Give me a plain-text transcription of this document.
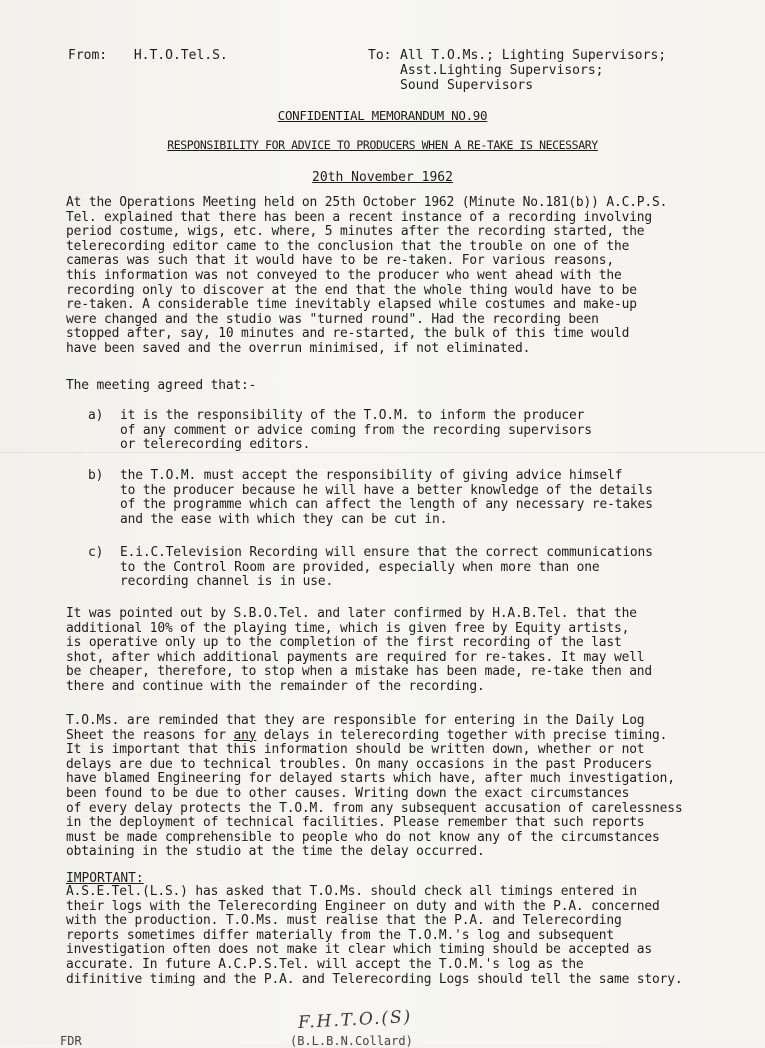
From: H.T.O.Tel.S.	To: All T.O.Ms.; Lighting Supervisors;
Asst.Lighting Supervisors;
Sound Supervisors
CONFIDENTIAL MEMORANDUM NO.90
RESPONSIBILITY FOR ADVICE TO PRODUCERS WHEN A RE-TAKE IS NECESSARY
20th November 1962
At the Operations Meeting held on 25th October 1962 (Minute No.181(b)) A.C.P.S.
Tel. explained that there has been a recent instance of a recording involving
period costume, wigs, etc. where, 5 minutes after the recording started, the
telerecording editor came to the conclusion that the trouble on one of the
cameras was such that it would have to be re-taken. For various reasons,
this information was not conveyed to the producer who went ahead with the
recording only to discover at the end that the whole thing would have to be
re-taken. A considerable time inevitably elapsed while costumes and make-up
were changed and the studio was "turned round". Had the recording been
stopped after, say, 10 minutes and re-started, the bulk of this time would
have been saved and the overrun minimised, if not eliminated.
The meeting agreed that:-
a) it is the responsibility of the T.O.M. to inform the producer
of any comment or advice coming from the recording supervisors
or telerecording editors.
b) the T.O.M. must accept the responsibility of giving advice himself
to the producer because he will have a better knowledge of the details
of the programme which can affect the length of any necessary re-takes
and the ease with which they can be cut in.
c) E.i.C.Television Recording will ensure that the correct communications
to the Control Room are provided, especially when more than one
recording channel is in use.
It was pointed out by S.B.O.Tel. and later confirmed by H.A.B.Tel. that the
additional 10% of the playing time, which is given free by Equity artists,
is operative only up to the completion of the first recording of the last
shot, after which additional payments are required for re-takes. It may well
be cheaper, therefore, to stop when a mistake has been made, re-take then and
there and continue with the remainder of the recording.
T.O.Ms. are reminded that they are responsible for entering in the Daily Log
Sheet the reasons for any delays in telerecording together with precise timing.
It is important that this information should be written down, whether or not
delays are due to technical troubles. On many occasions in the past Producers
have blamed Engineering for delayed starts which have, after much investigation,
been found to be due to other causes. Writing down the exact circumstances
of every delay protects the T.O.M. from any subsequent accusation of carelessness
in the deployment of technical facilities. Please remember that such reports
must be made comprehensible to people who do not know any of the circumstances
obtaining in the studio at the time the delay occurred.
IMPORTANT:
A.S.E.Tel.(L.S.) has asked that T.O.Ms. should check all timings entered in
their logs with the Telerecording Engineer on duty and with the P.A. concerned
with the production. T.O.Ms. must realise that the P.A. and Telerecording
reports sometimes differ materially from the T.O.M.'s log and subsequent
investigation often does not make it clear which timing should be accepted as
accurate. In future A.C.P.S.Tel. will accept the T.O.M.'s log as the
difinitive timing and the P.A. and Telerecording Logs should tell the same story.
F.H.T.O.(S)
FDR	(B.L.B.N.Collard)
